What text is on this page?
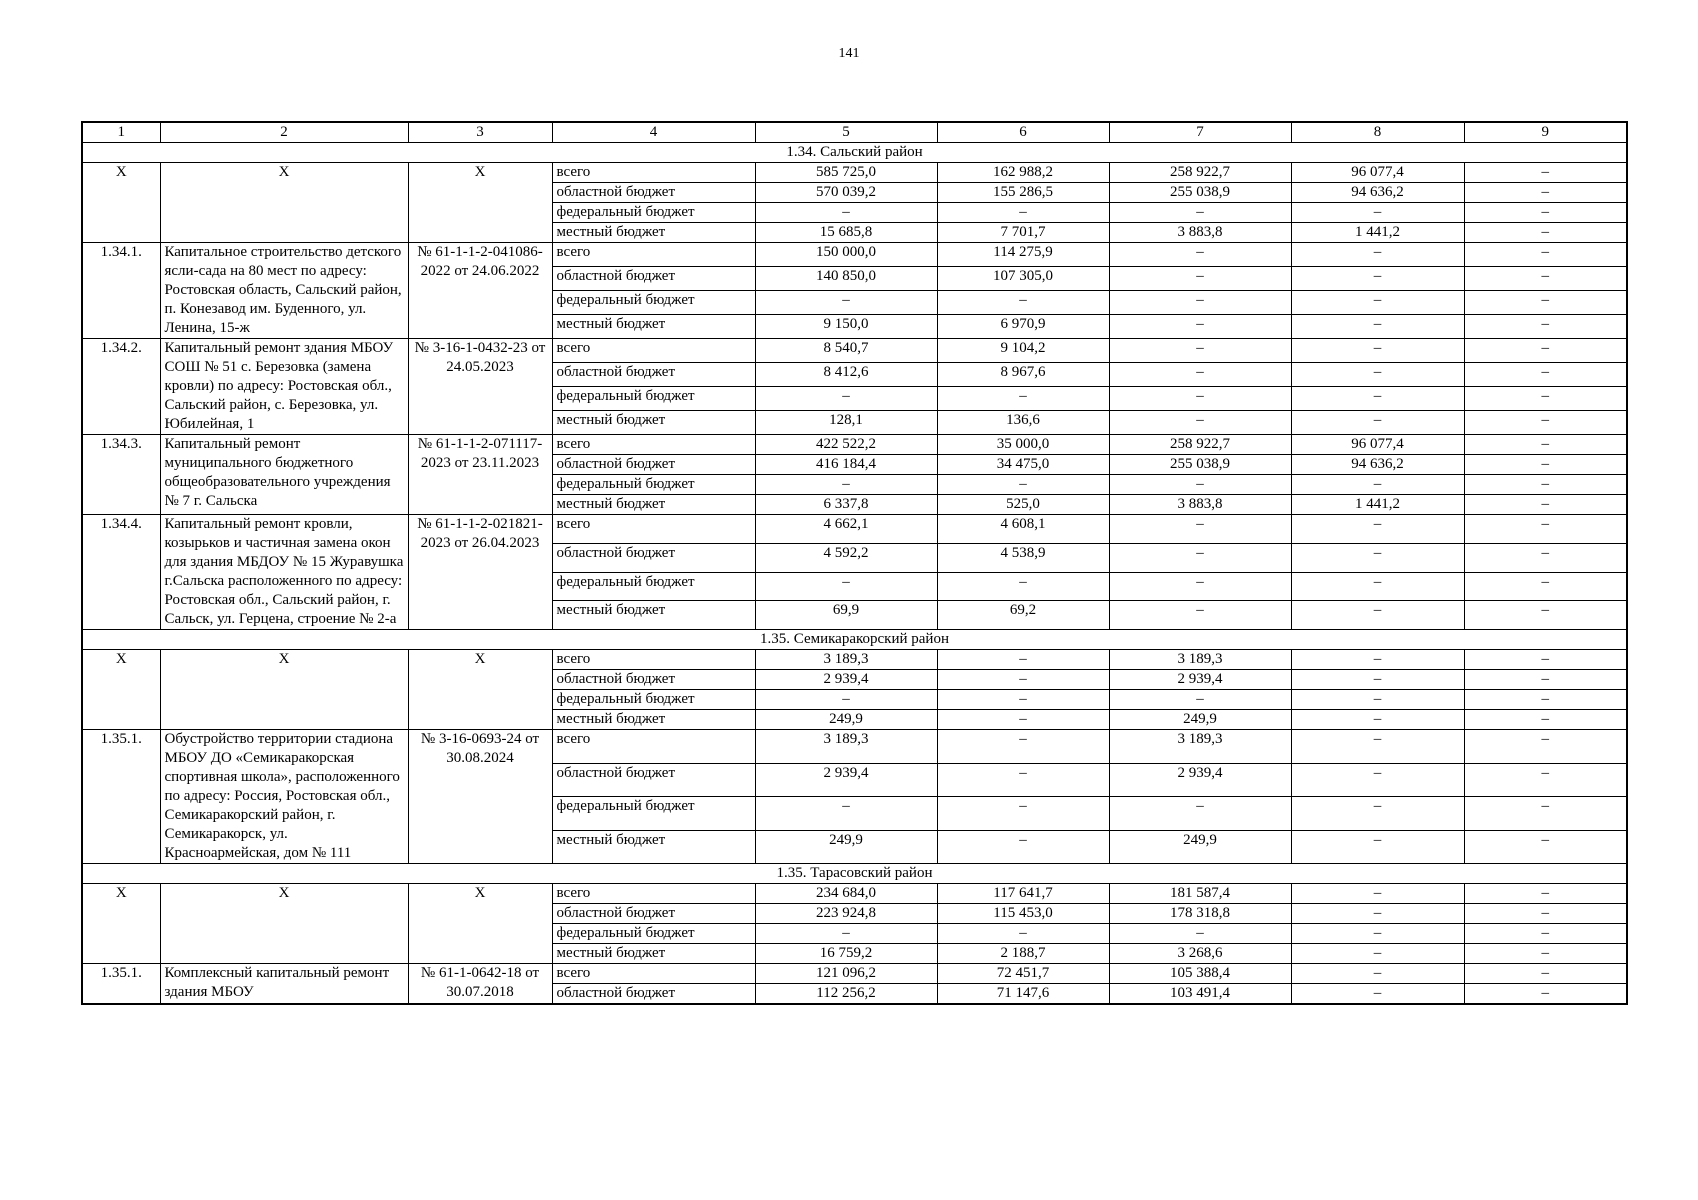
141
1	2	3	4	5	6	7	8	9
1.34. Сальский район								
X	X	X	всего	585 725,0	162 988,2	258 922,7	96 077,4	–
			областной бюджет	570 039,2	155 286,5	255 038,9	94 636,2	–
			федеральный бюджет	–	–	–	–	–
			местный бюджет	15 685,8	7 701,7	3 883,8	1 441,2	–
1.34.1.	Капитальное строительство детского ясли-сада на 80 мест по адресу: Ростовская область, Сальский район, п. Конезавод им. Буденного, ул. Ленина, 15-ж	№ 61-1-1-2-041086-2022 от 24.06.2022	всего	150 000,0	114 275,9	–	–	–
			областной бюджет	140 850,0	107 305,0	–	–	–
			федеральный бюджет	–	–	–	–	–
			местный бюджет	9 150,0	6 970,9	–	–	–
1.34.2.	Капитальный ремонт здания МБОУ СОШ № 51 с. Березовка (замена кровли) по адресу: Ростовская обл., Сальский район, с. Березовка, ул. Юбилейная, 1	№ 3-16-1-0432-23 от 24.05.2023	всего	8 540,7	9 104,2	–	–	–
			областной бюджет	8 412,6	8 967,6	–	–	–
			федеральный бюджет	–	–	–	–	–
			местный бюджет	128,1	136,6	–	–	–
1.34.3.	Капитальный ремонт муниципального бюджетного общеобразовательного учреждения № 7 г. Сальска	№ 61-1-1-2-071117-2023 от 23.11.2023	всего	422 522,2	35 000,0	258 922,7	96 077,4	–
			областной бюджет	416 184,4	34 475,0	255 038,9	94 636,2	–
			федеральный бюджет	–	–	–	–	–
			местный бюджет	6 337,8	525,0	3 883,8	1 441,2	–
1.34.4.	Капитальный ремонт кровли, козырьков и частичная замена окон для здания МБДОУ № 15 Журавушка г.Сальска расположенного по адресу: Ростовская обл., Сальский район, г. Сальск, ул. Герцена, строение № 2-а	№ 61-1-1-2-021821-2023 от 26.04.2023	всего	4 662,1	4 608,1	–	–	–
			областной бюджет	4 592,2	4 538,9	–	–	–
			федеральный бюджет	–	–	–	–	–
			местный бюджет	69,9	69,2	–	–	–
1.35. Семикаракорский район								
X	X	X	всего	3 189,3	–	3 189,3	–	–
			областной бюджет	2 939,4	–	2 939,4	–	–
			федеральный бюджет	–	–	–	–	–
			местный бюджет	249,9	–	249,9	–	–
1.35.1.	Обустройство территории стадиона МБОУ ДО «Семикаракорская спортивная школа», расположенного по адресу: Россия, Ростовская обл., Семикаракорский район, г. Семикаракорск, ул. Красноармейская, дом № 111	№ 3-16-0693-24 от 30.08.2024	всего	3 189,3	–	3 189,3	–	–
			областной бюджет	2 939,4	–	2 939,4	–	–
			федеральный бюджет	–	–	–	–	–
			местный бюджет	249,9	–	249,9	–	–
1.35. Тарасовский район								
X	X	X	всего	234 684,0	117 641,7	181 587,4	–	–
			областной бюджет	223 924,8	115 453,0	178 318,8	–	–
			федеральный бюджет	–	–	–	–	–
			местный бюджет	16 759,2	2 188,7	3 268,6	–	–
1.35.1.	Комплексный капитальный ремонт здания МБОУ	№ 61-1-0642-18 от 30.07.2018	всего	121 096,2	72 451,7	105 388,4	–	–
			областной бюджет	112 256,2	71 147,6	103 491,4	–	–
